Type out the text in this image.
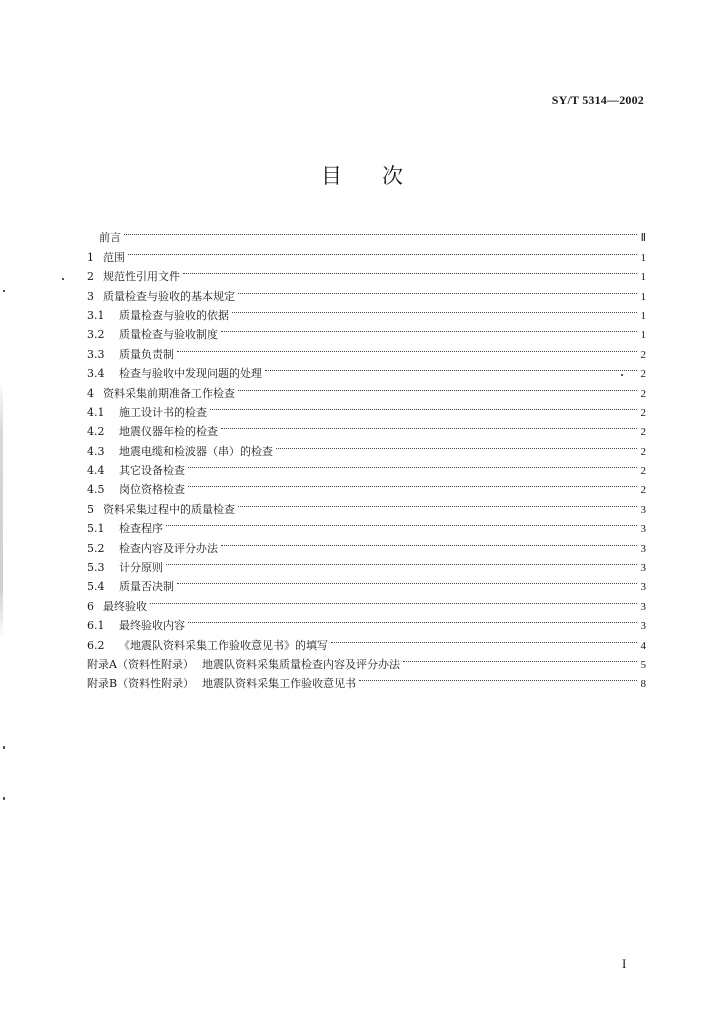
SY/T 5314—2002
目次
前言	Ⅱ
1 范围	1
2 规范性引用文件	1
3 质量检查与验收的基本规定	1
3.1	质量检查与验收的依据	1
3.2	质量检查与验收制度	1
3.3	质量负责制	2
3.4	检查与验收中发现问题的处理	2
4 资料采集前期准备工作检查	2
4.1	施工设计书的检查	2
4.2	地震仪器年检的检查	2
4.3	地震电缆和检波器（串）的检查	2
4.4	其它设备检查	2
4.5	岗位资格检查	2
5 资料采集过程中的质量检查	3
5.1	检查程序	3
5.2	检查内容及评分办法	3
5.3	计分原则	3
5.4	质量否决制	3
6 最终验收	3
6.1	最终验收内容	3
6.2	《地震队资料采集工作验收意见书》的填写	4
附录A（资料性附录） 地震队资料采集质量检查内容及评分办法	5
附录B（资料性附录） 地震队资料采集工作验收意见书	8
I
